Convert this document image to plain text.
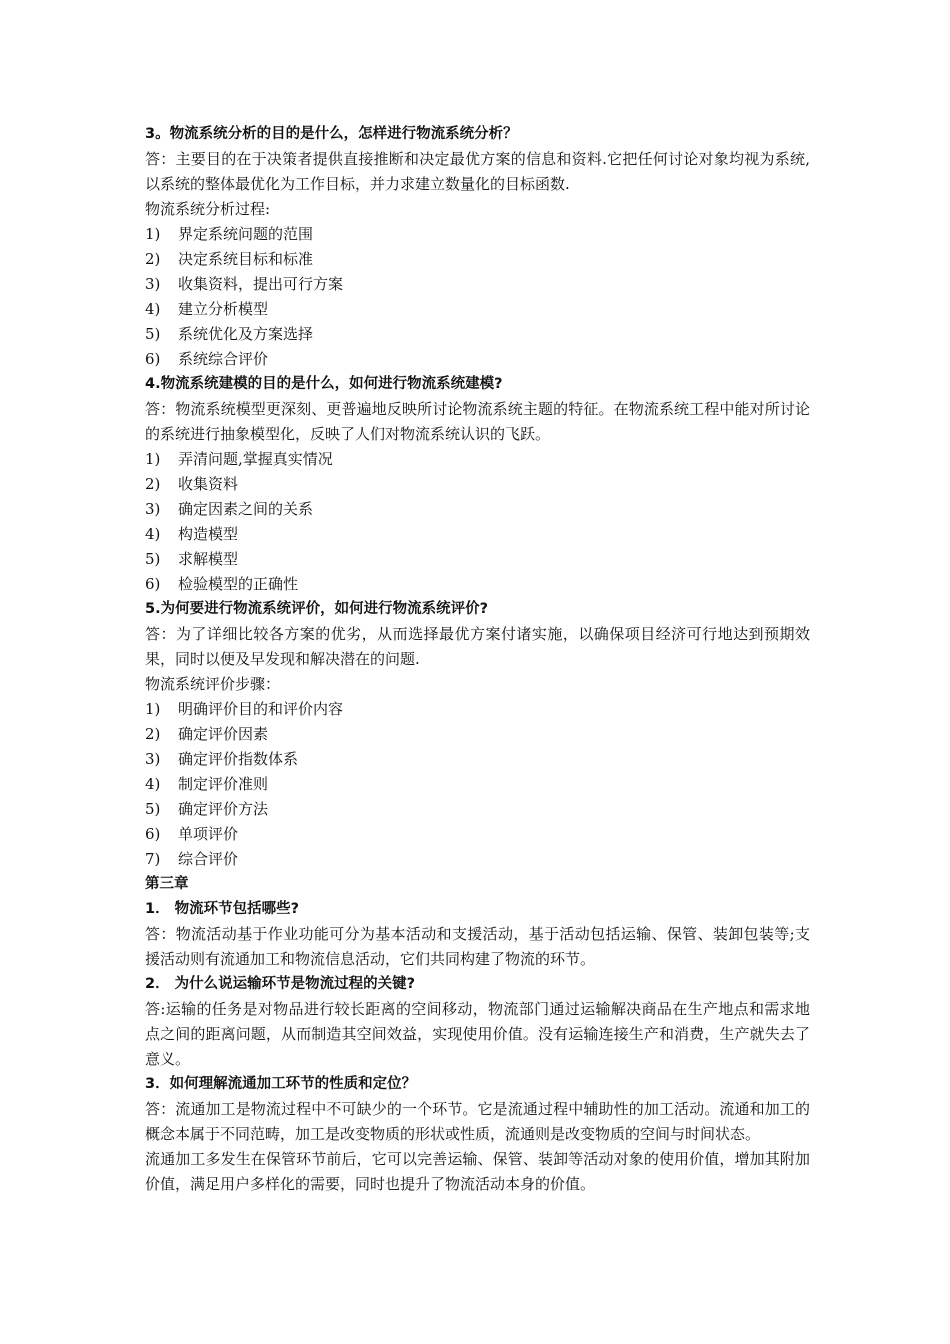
3。物流系统分析的目的是什么，怎样进行物流系统分析？
答：主要目的在于决策者提供直接推断和决定最优方案的信息和资料.它把任何讨论对象均视为系统,以系统的整体最优化为工作目标，并力求建立数量化的目标函数.
物流系统分析过程:
1)	界定系统问题的范围
2)	决定系统目标和标准
3)	收集资料，提出可行方案
4)	建立分析模型
5)	系统优化及方案选择
6)	系统综合评价
4.物流系统建模的目的是什么，如何进行物流系统建模?
答：物流系统模型更深刻、更普遍地反映所讨论物流系统主题的特征。在物流系统工程中能对所讨论的系统进行抽象模型化，反映了人们对物流系统认识的飞跃。
1)	弄清问题,掌握真实情况
2)	收集资料
3)	确定因素之间的关系
4)	构造模型
5)	求解模型
6)	检验模型的正确性
5.为何要进行物流系统评价，如何进行物流系统评价?
答：为了详细比较各方案的优劣，从而选择最优方案付诸实施，以确保项目经济可行地达到预期效果，同时以便及早发现和解决潜在的问题.
物流系统评价步骤：
1)	明确评价目的和评价内容
2)	确定评价因素
3)	确定评价指数体系
4)	制定评价准则
5)	确定评价方法
6)	单项评价
7)	综合评价
第三章
1． 物流环节包括哪些?
答：物流活动基于作业功能可分为基本活动和支援活动，基于活动包括运输、保管、装卸包装等;支援活动则有流通加工和物流信息活动，它们共同构建了物流的环节。
2． 为什么说运输环节是物流过程的关键?
答:运输的任务是对物品进行较长距离的空间移动，物流部门通过运输解决商品在生产地点和需求地点之间的距离问题，从而制造其空间效益，实现使用价值。没有运输连接生产和消费，生产就失去了意义。
3．如何理解流通加工环节的性质和定位？
答：流通加工是物流过程中不可缺少的一个环节。它是流通过程中辅助性的加工活动。流通和加工的概念本属于不同范畴，加工是改变物质的形状或性质，流通则是改变物质的空间与时间状态。
流通加工多发生在保管环节前后，它可以完善运输、保管、装卸等活动对象的使用价值，增加其附加价值，满足用户多样化的需要，同时也提升了物流活动本身的价值。
